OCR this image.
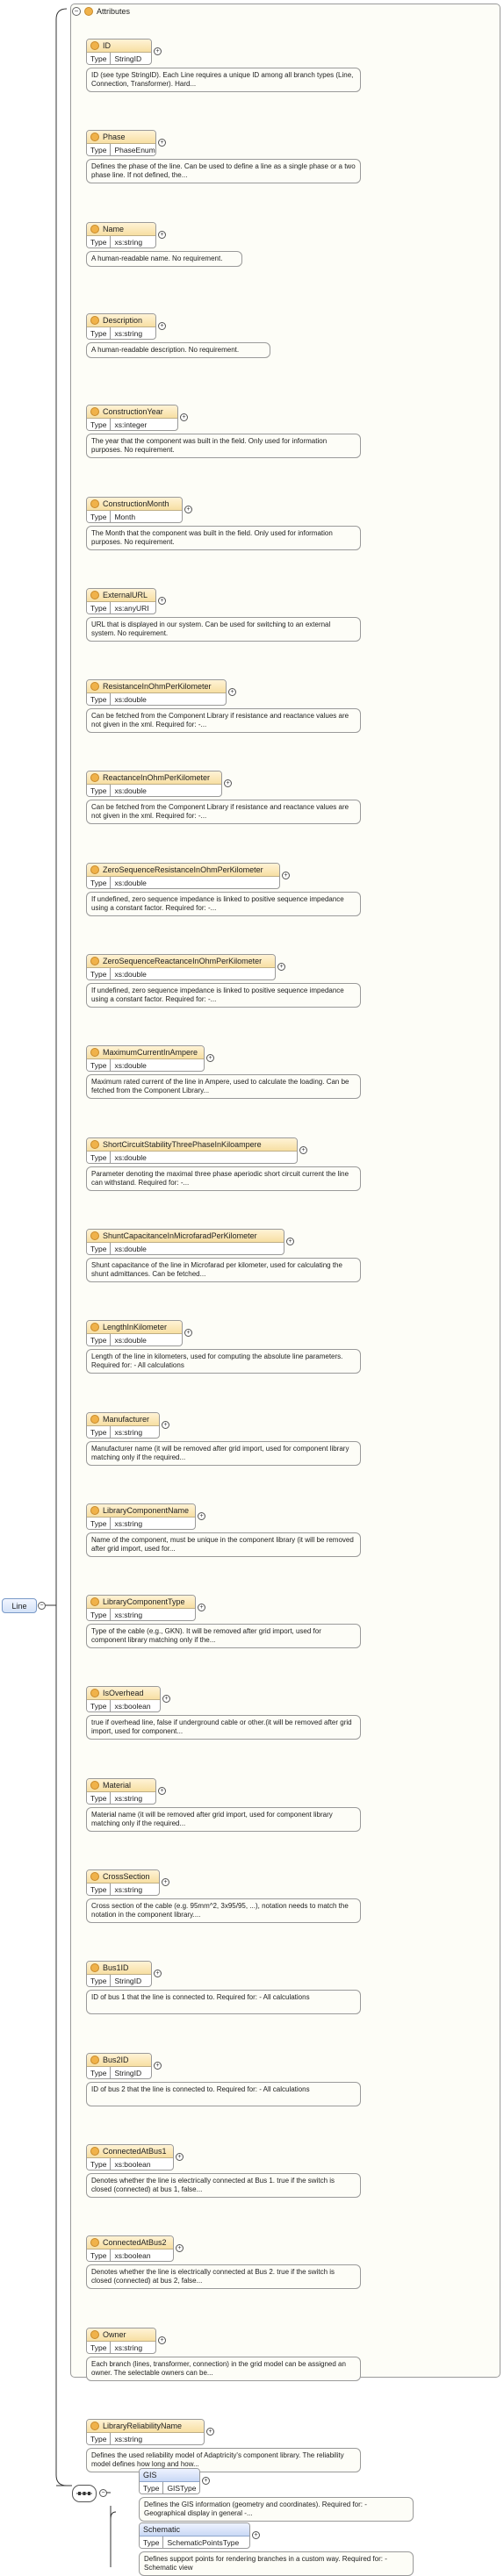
Line	−
− Attributes
ID
Type	StringID
+
ID (see type StringID). Each Line requires a unique ID among all branch types (Line, Connection, Transformer). Hard...
Phase
Type	PhaseEnum
+
Defines the phase of the line. Can be used to define a line as a single phase or a two phase line. If not defined, the...
Name
Type	xs:string
+
A human-readable name. No requirement.
Description
Type	xs:string
+
A human-readable description. No requirement.
ConstructionYear
Type	xs:integer
+
The year that the component was built in the field. Only used for information purposes. No requirement.
ConstructionMonth
Type	Month
+
The Month that the component was built in the field. Only used for information purposes. No requirement.
ExternalURL
Type	xs:anyURI
+
URL that is displayed in our system. Can be used for switching to an external system. No requirement.
ResistanceInOhmPerKilometer
Type	xs:double
+
Can be fetched from the Component Library if resistance and reactance values are not given in the xml. Required for: -...
ReactanceInOhmPerKilometer
Type	xs:double
+
Can be fetched from the Component Library if resistance and reactance values are not given in the xml. Required for: -...
ZeroSequenceResistanceInOhmPerKilometer
Type	xs:double
+
If undefined, zero sequence impedance is linked to positive sequence impedance using a constant factor. Required for: -...
ZeroSequenceReactanceInOhmPerKilometer
Type	xs:double
+
If undefined, zero sequence impedance is linked to positive sequence impedance using a constant factor. Required for: -...
MaximumCurrentInAmpere
Type	xs:double
+
Maximum rated current of the line in Ampere, used to calculate the loading. Can be fetched from the Component Library...
ShortCircuitStabilityThreePhaseInKiloampere
Type	xs:double
+
Parameter denoting the maximal three phase aperiodic short circuit current the line can withstand. Required for: -...
ShuntCapacitanceInMicrofaradPerKilometer
Type	xs:double
+
Shunt capacitance of the line in Microfarad per kilometer, used for calculating the shunt admittances. Can be fetched...
LengthInKilometer
Type	xs:double
+
Length of the line in kilometers, used for computing the absolute line parameters. Required for: - All calculations
Manufacturer
Type	xs:string
+
Manufacturer name (it will be removed after grid import, used for component library matching only if the required...
LibraryComponentName
Type	xs:string
+
Name of the component, must be unique in the component library (it will be removed after grid import, used for...
LibraryComponentType
Type	xs:string
+
Type of the cable (e.g., GKN). It will be removed after grid import, used for component library matching only if the...
IsOverhead
Type	xs:boolean
+
true if overhead line, false if underground cable or other.(it will be removed after grid import, used for component...
Material
Type	xs:string
+
Material name (it will be removed after grid import, used for component library matching only if the required...
CrossSection
Type	xs:string
+
Cross section of the cable (e.g. 95mm^2, 3x95/95, ...), notation needs to match the notation in the component library....
Bus1ID
Type	StringID
+
ID of bus 1 that the line is connected to. Required for: - All calculations
Bus2ID
Type	StringID
+
ID of bus 2 that the line is connected to. Required for: - All calculations
ConnectedAtBus1
Type	xs:boolean
+
Denotes whether the line is electrically connected at Bus 1. true if the switch is closed (connected) at bus 1, false...
ConnectedAtBus2
Type	xs:boolean
+
Denotes whether the line is electrically connected at Bus 2. true if the switch is closed (connected) at bus 2, false...
Owner
Type	xs:string
+
Each branch (lines, transformer, connection) in the grid model can be assigned an owner. The selectable owners can be...
LibraryReliabilityName
Type	xs:string
+
Defines the used reliability model of Adaptricity's component library. The reliability model defines how long and how...
−
GIS
Type	GISType
+
Defines the GIS information (geometry and coordinates). Required for: - Geographical display in general -...
Schematic
Type	SchematicPointsType
+
Defines support points for rendering branches in a custom way. Required for: - Schematic view
